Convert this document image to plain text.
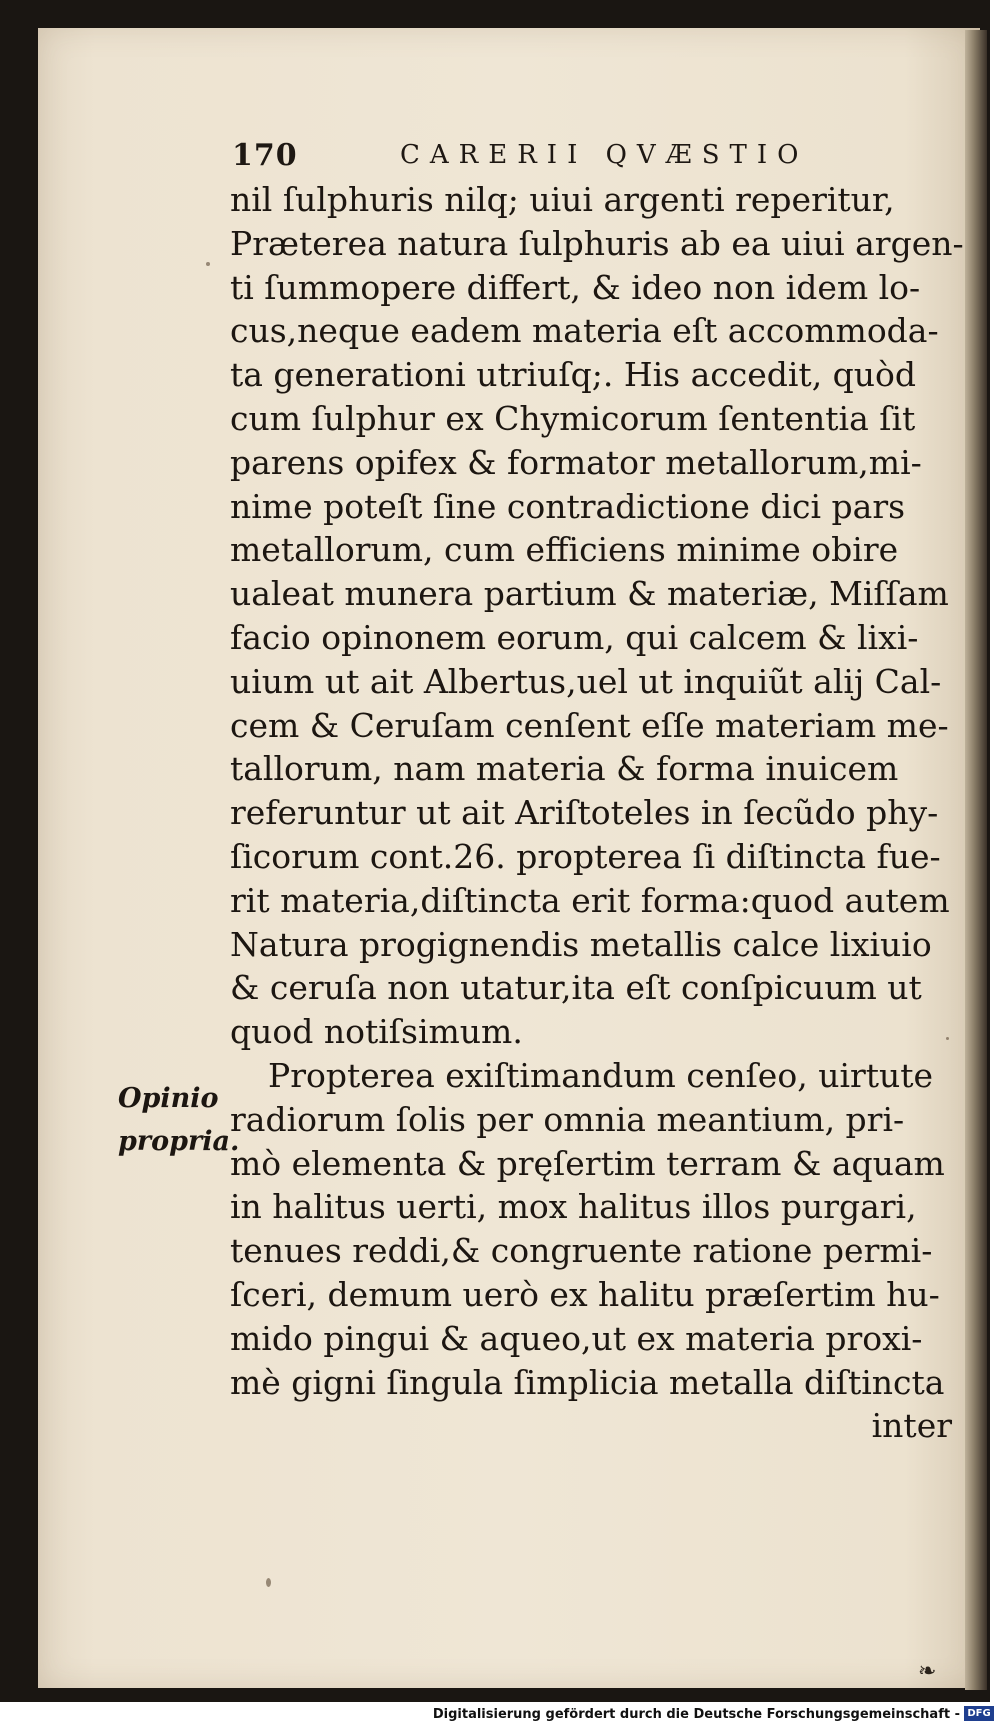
170	CARERII QVÆSTIO
nil ſulphuris nilq; uiui argenti reperitur,
Præterea natura ſulphuris ab ea uiui argen-
ti ſummopere differt, & ideo non idem lo-
cus,neque eadem materia eſt accommoda-
ta generationi utriuſq;. His accedit, quòd
cum ſulphur ex Chymicorum ſententia ſit
parens opifex & formator metallorum,mi-
nime poteſt ſine contradictione dici pars
metallorum, cum efficiens minime obire
ualeat munera partium & materiæ, Miſſam
facio opinonem eorum, qui calcem & lixi-
uium ut ait Albertus,uel ut inquiũt alij Cal-
cem & Ceruſam cenſent eſſe materiam me-
tallorum, nam materia & forma inuicem
referuntur ut ait Ariſtoteles in ſecũdo phy-
ſicorum cont.26. propterea ſi diſtincta fue-
rit materia,diſtincta erit forma:quod autem
Natura progignendis metallis calce lixiuio
& ceruſa non utatur,ita eſt conſpicuum ut
quod notiſsimum.
Propterea exiſtimandum cenſeo, uirtute
radiorum ſolis per omnia meantium, pri-
mò elementa & pręſertim terram & aquam
in halitus uerti, mox halitus illos purgari,
tenues reddi,& congruente ratione permi-
ſceri, demum uerò ex halitu præſertim hu-
mido pingui & aqueo,ut ex materia proxi-
mè gigni ſingula ſimplicia metalla diſtincta
inter
Opinio
propria.
❧
Digitalisierung gefördert durch die Deutsche Forschungsgemeinschaft - DFG
